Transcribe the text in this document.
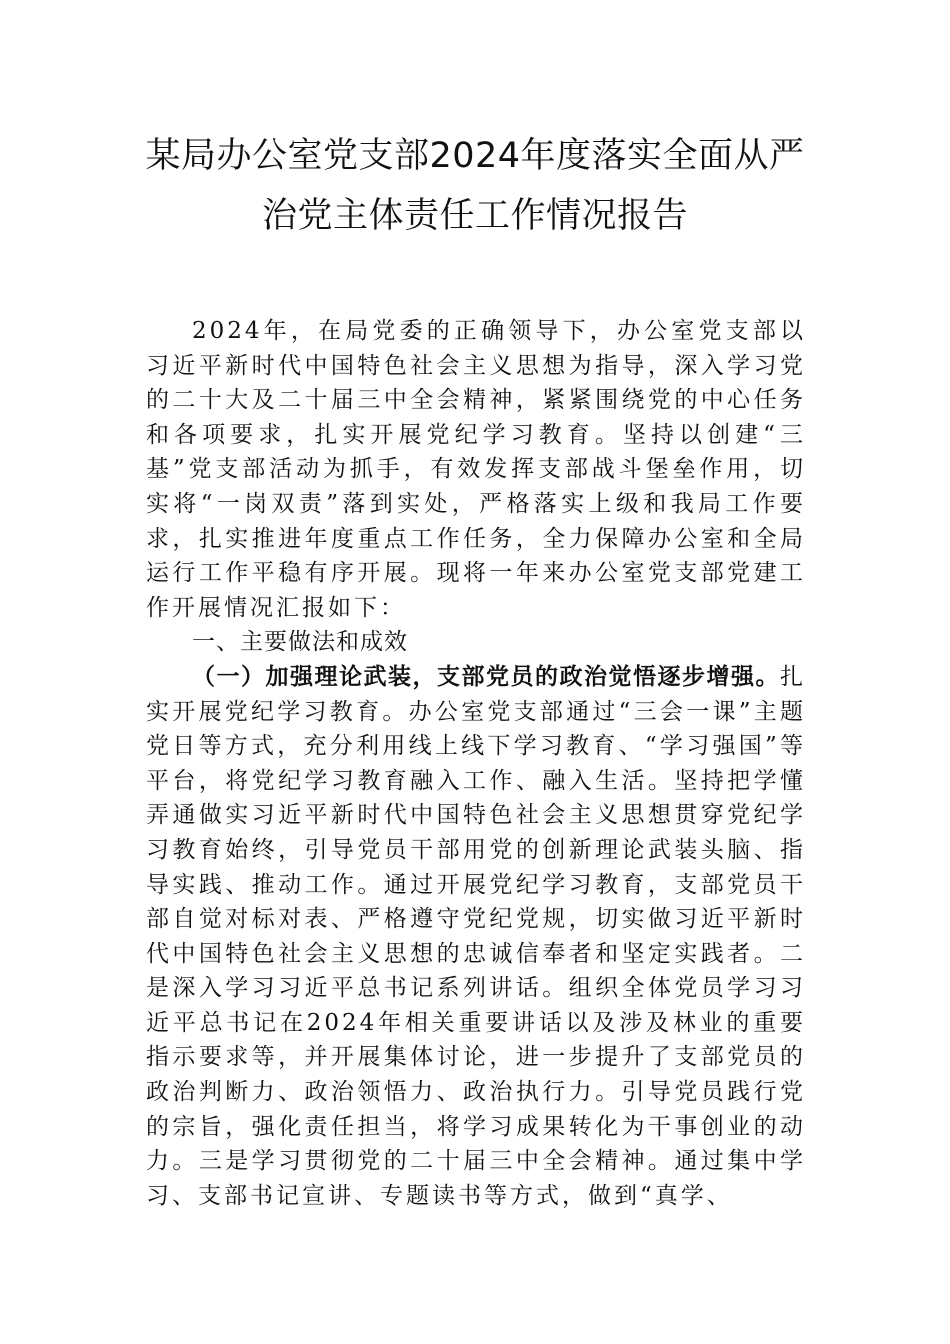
某局办公室党支部2024年度落实全面从严
治党主体责任工作情况报告

2024年，在局党委的正确领导下，办公室党支部以习近平新时代中国特色社会主义思想为指导，深入学习党的二十大及二十届三中全会精神，紧紧围绕党的中心任务和各项要求，扎实开展党纪学习教育。坚持以创建“三基”党支部活动为抓手，有效发挥支部战斗堡垒作用，切实将“一岗双责”落到实处，严格落实上级和我局工作要求，扎实推进年度重点工作任务，全力保障办公室和全局运行工作平稳有序开展。现将一年来办公室党支部党建工作开展情况汇报如下：

一、主要做法和成效

（一）加强理论武装，支部党员的政治觉悟逐步增强。扎实开展党纪学习教育。办公室党支部通过“三会一课”主题党日等方式，充分利用线上线下学习教育、“学习强国”等平台，将党纪学习教育融入工作、融入生活。坚持把学懂弄通做实习近平新时代中国特色社会主义思想贯穿党纪学习教育始终，引导党员干部用党的创新理论武装头脑、指导实践、推动工作。通过开展党纪学习教育，支部党员干部自觉对标对表、严格遵守党纪党规，切实做习近平新时代中国特色社会主义思想的忠诚信奉者和坚定实践者。二是深入学习习近平总书记系列讲话。组织全体党员学习习近平总书记在2024年相关重要讲话以及涉及林业的重要指示要求等，并开展集体讨论，进一步提升了支部党员的政治判断力、政治领悟力、政治执行力。引导党员践行党的宗旨，强化责任担当，将学习成果转化为干事创业的动力。三是学习贯彻党的二十届三中全会精神。通过集中学习、支部书记宣讲、专题读书等方式，做到“真学、
